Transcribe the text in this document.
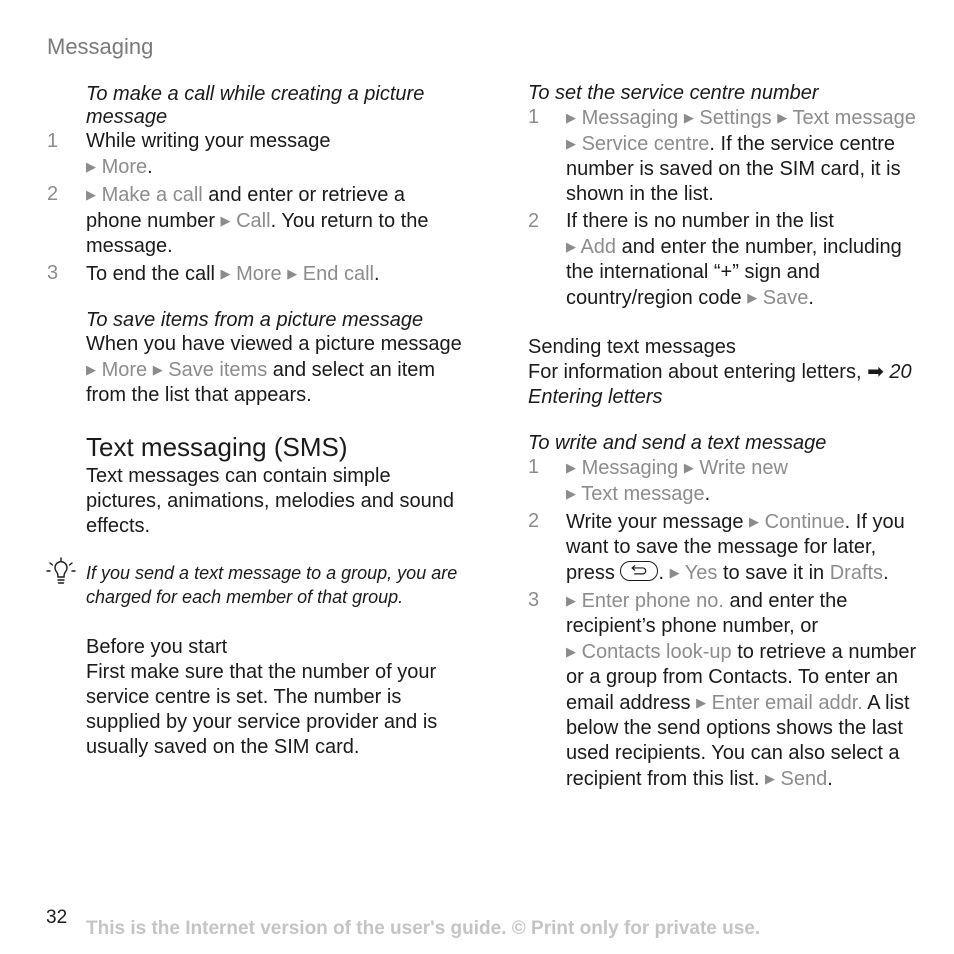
Messaging
To make a call while creating a picture message
1	While writing your message
▶ More.
2	▶ Make a call and enter or retrieve a phone number ▶ Call. You return to the message.
3	To end the call ▶ More ▶ End call.
To save items from a picture message

When you have viewed a picture message ▶ More ▶ Save items and select an item from the list that appears.

Text messaging (SMS)

Text messages can contain simple pictures, animations, melodies and sound effects.

If you send a text message to a group, you are charged for each member of that group.
Before you start

First make sure that the number of your service centre is set. The number is supplied by your service provider and is usually saved on the SIM card.

To set the service centre number
1	▶ Messaging ▶ Settings ▶ Text message ▶ Service centre. If the service centre number is saved on the SIM card, it is shown in the list.
2	If there is no number in the list
▶ Add and enter the number, including the international “+” sign and country/region code ▶ Save.
Sending text messages

For information about entering letters, ➡ 20 Entering letters

To write and send a text message
1	▶ Messaging ▶ Write new
▶ Text message.
2	Write your message ▶ Continue. If you want to save the message for later, press . ▶ Yes to save it in Drafts.
3	▶ Enter phone no. and enter the recipient’s phone number, or
▶ Contacts look-up to retrieve a number or a group from Contacts. To enter an email address ▶ Enter email addr. A list below the send options shows the last used recipients. You can also select a recipient from this list. ▶ Send.
32
This is the Internet version of the user's guide. © Print only for private use.
